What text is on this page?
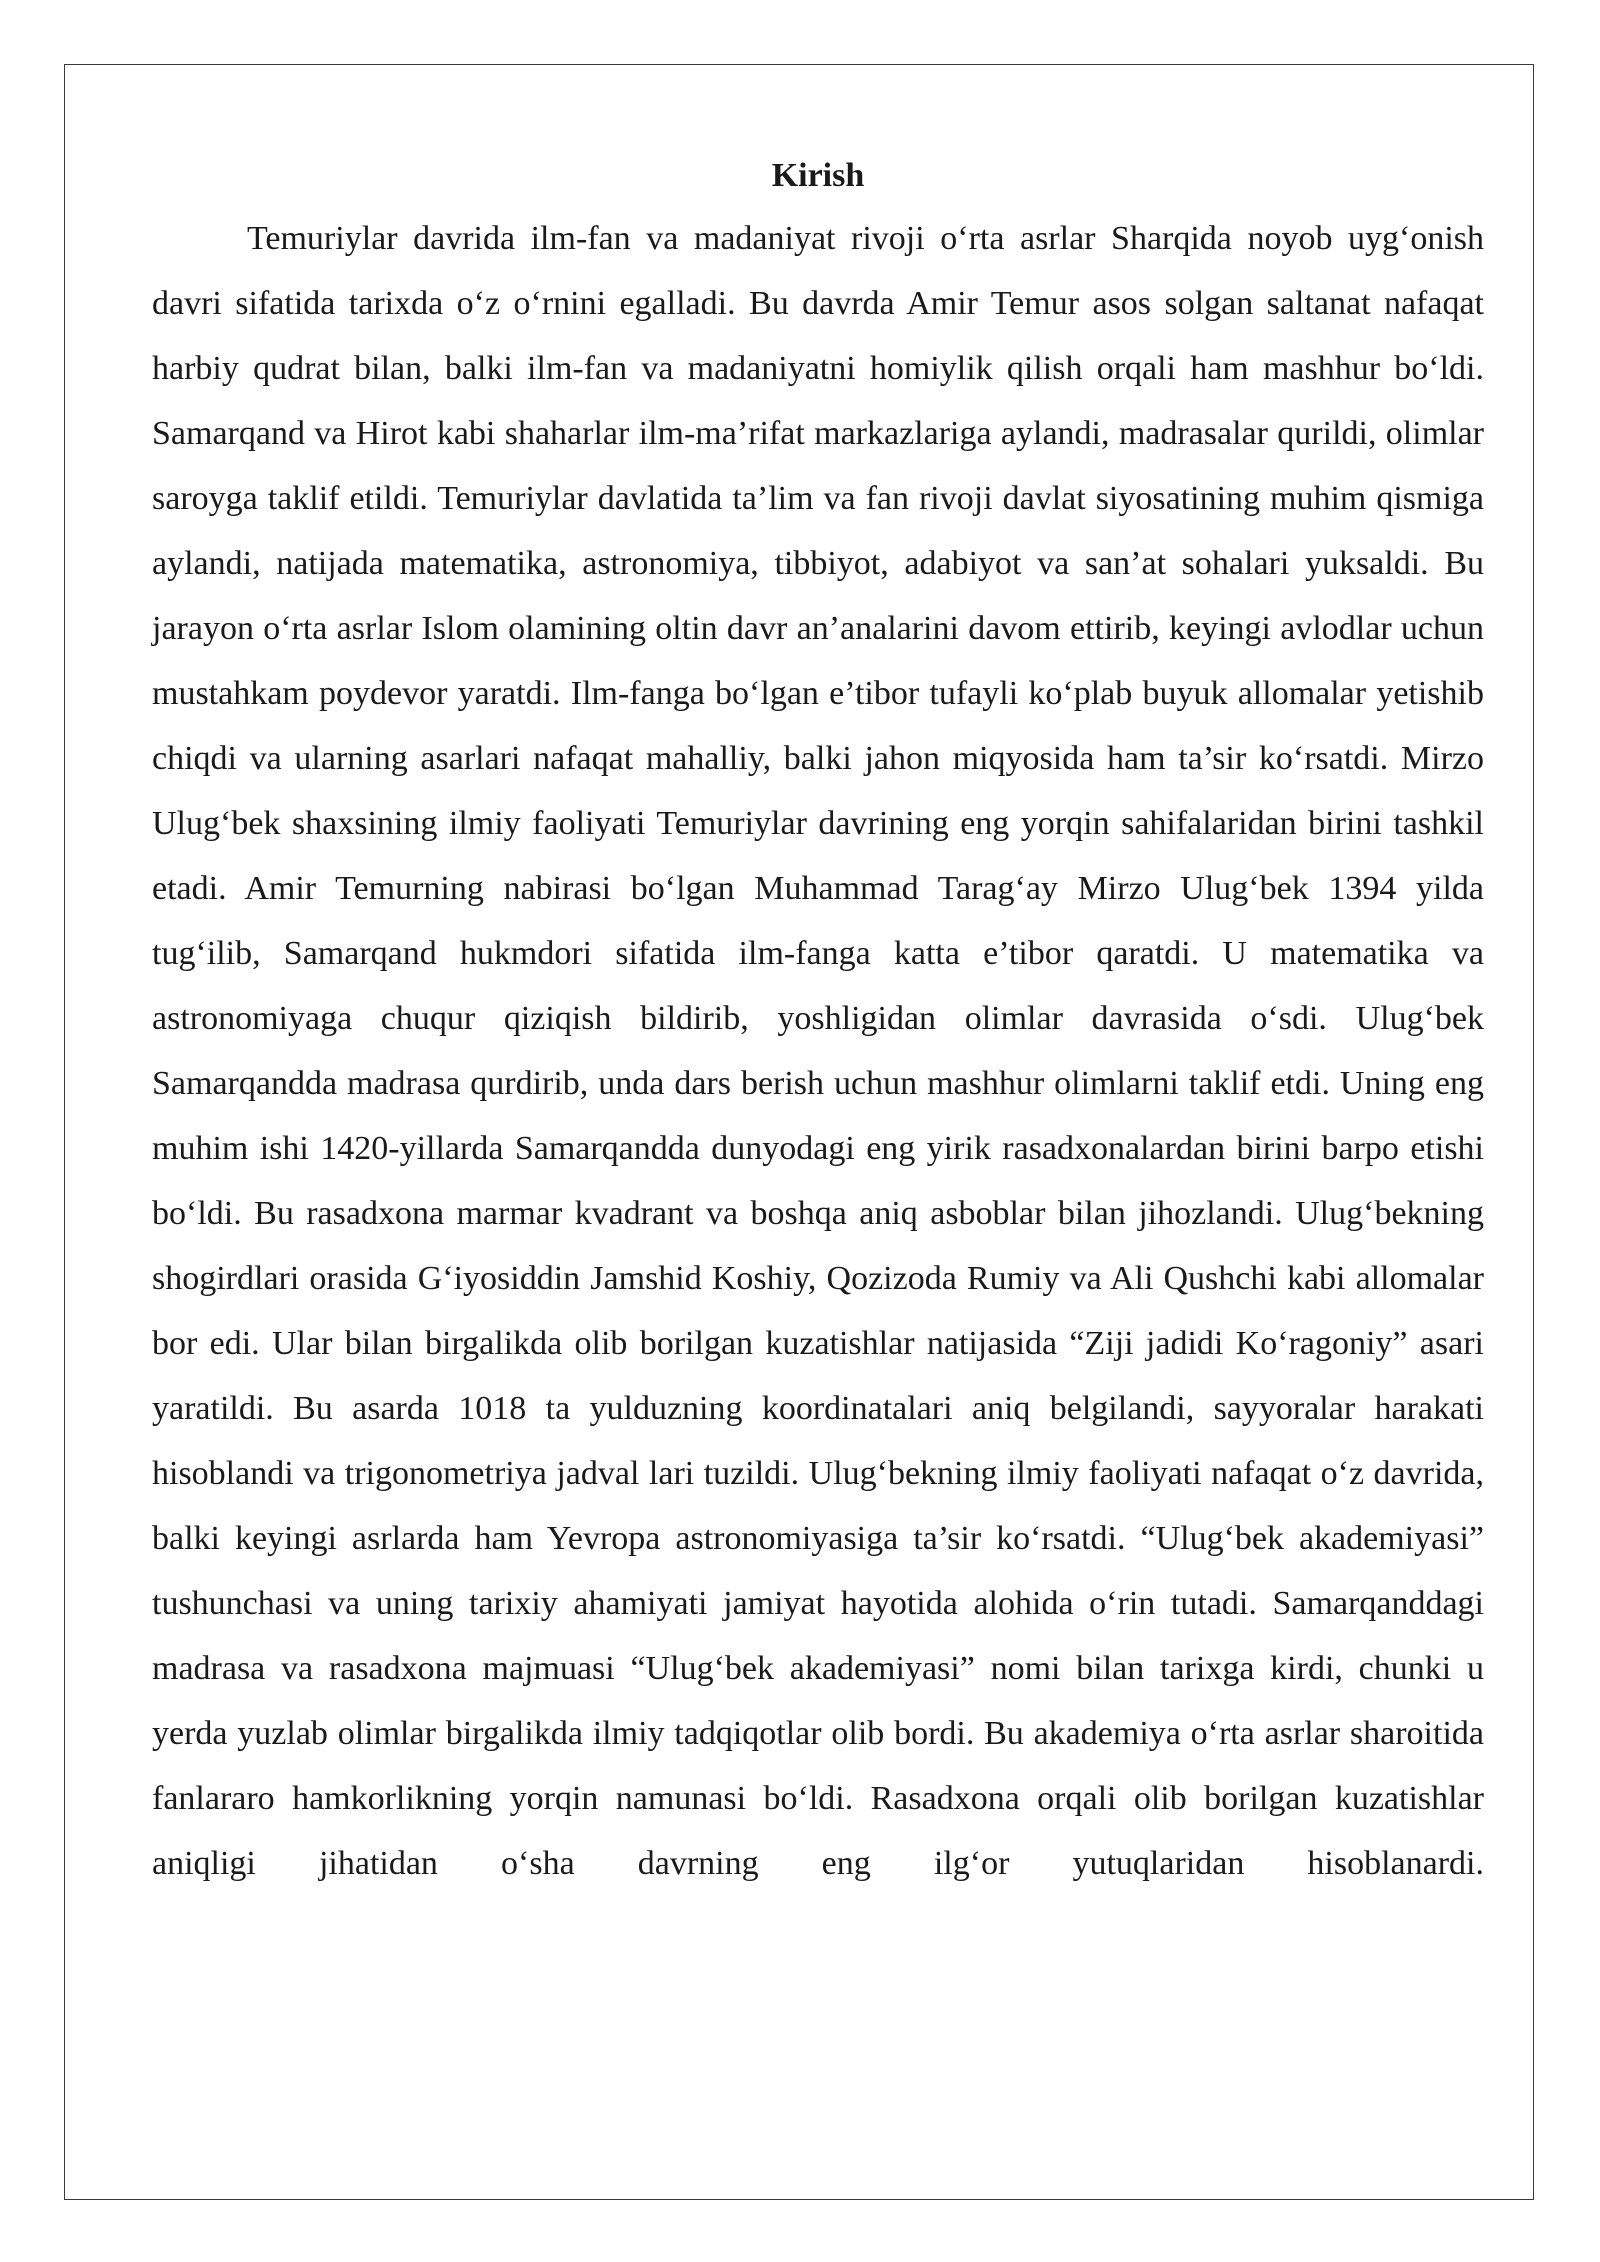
Kirish

Temuriylar davrida ilm-fan va madaniyat rivoji o‘rta asrlar Sharqida noyob uyg‘onish davri sifatida tarixda o‘z o‘rnini egalladi. Bu davrda Amir Temur asos solgan saltanat nafaqat harbiy qudrat bilan, balki ilm-fan va madaniyatni homiylik qilish orqali ham mashhur bo‘ldi. Samarqand va Hirot kabi shaharlar ilm-ma’rifat markazlariga aylandi, madrasalar qurildi, olimlar saroyga taklif etildi. Temuriylar davlatida ta’lim va fan rivoji davlat siyosatining muhim qismiga aylandi, natijada matematika, astronomiya, tibbiyot, adabiyot va san’at sohalari yuksaldi. Bu jarayon o‘rta asrlar Islom olamining oltin davr an’analarini davom ettirib, keyingi avlodlar uchun mustahkam poydevor yaratdi. Ilm-fanga bo‘lgan e’tibor tufayli ko‘plab buyuk allomalar yetishib chiqdi va ularning asarlari nafaqat mahalliy, balki jahon miqyosida ham ta’sir ko‘rsatdi. Mirzo Ulug‘bek shaxsining ilmiy faoliyati Temuriylar davrining eng yorqin sahifalaridan birini tashkil etadi. Amir Temurning nabirasi bo‘lgan Muhammad Tarag‘ay Mirzo Ulug‘bek 1394 yilda tug‘ilib, Samarqand hukmdori sifatida ilm-fanga katta e’tibor qaratdi. U matematika va astronomiyaga chuqur qiziqish bildirib, yoshligidan olimlar davrasida o‘sdi. Ulug‘bek Samarqandda madrasa qurdirib, unda dars berish uchun mashhur olimlarni taklif etdi. Uning eng muhim ishi 1420-yillarda Samarqandda dunyodagi eng yirik rasadxonalardan birini barpo etishi bo‘ldi. Bu rasadxona marmar kvadrant va boshqa aniq asboblar bilan jihozlandi. Ulug‘bekning shogirdlari orasida G‘iyosiddin Jamshid Koshiy, Qozizoda Rumiy va Ali Qushchi kabi allomalar bor edi. Ular bilan birgalikda olib borilgan kuzatishlar natijasida “Ziji jadidi Ko‘ragoniy” asari yaratildi. Bu asarda 1018 ta yulduzning koordinatalari aniq belgilandi, sayyoralar harakati hisoblandi va trigonometriya jadval lari tuzildi. Ulug‘bekning ilmiy faoliyati nafaqat o‘z davrida, balki keyingi asrlarda ham Yevropa astronomiyasiga ta’sir ko‘rsatdi. “Ulug‘bek akademiyasi” tushunchasi va uning tarixiy ahamiyati jamiyat hayotida alohida o‘rin tutadi. Samarqanddagi madrasa va rasadxona majmuasi “Ulug‘bek akademiyasi” nomi bilan tarixga kirdi, chunki u yerda yuzlab olimlar birgalikda ilmiy tadqiqotlar olib bordi. Bu akademiya o‘rta asrlar sharoitida fanlararo hamkorlikning yorqin namunasi bo‘ldi. Rasadxona orqali olib borilgan kuzatishlar aniqligi jihatidan o‘sha davrning eng ilg‘or yutuqlaridan hisoblanardi.
